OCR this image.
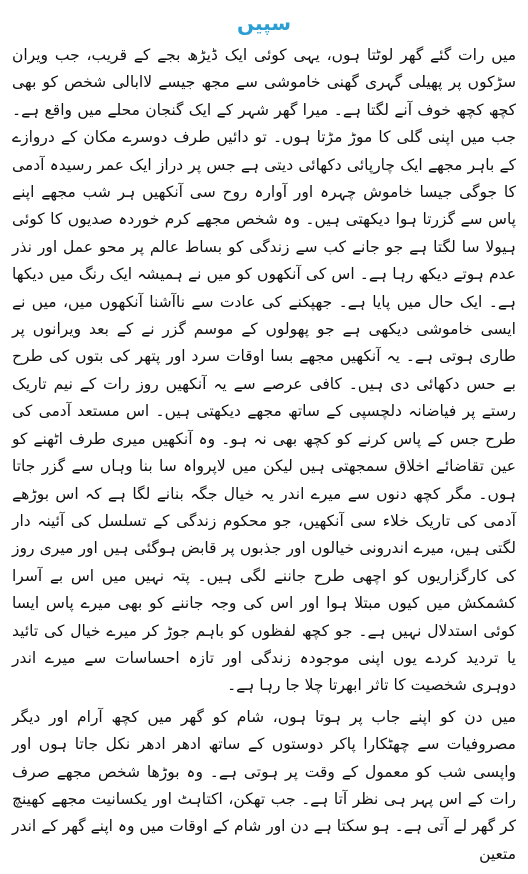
سپیں

میں رات گئے گھر لوٹتا ہوں، یہی کوئی ایک ڈیڑھ بجے کے قریب، جب ویران سڑکوں پر پھیلی گہری گھنی خاموشی سے مجھ جیسے لاابالی شخص کو بھی کچھ کچھ خوف آنے لگتا ہے۔ میرا گھر شہر کے ایک گنجان محلے میں واقع ہے۔ جب میں اپنی گلی کا موڑ مڑتا ہوں۔ تو دائیں طرف دوسرے مکان کے دروازے کے باہر مجھے ایک چارپائی دکھائی دیتی ہے جس پر دراز ایک عمر رسیدہ آدمی کا جوگی جیسا خاموش چہرہ اور آوارہ روح سی آنکھیں ہر شب مجھے اپنے پاس سے گزرتا ہوا دیکھتی ہیں۔ وہ شخص مجھے کرم خوردہ صدیوں کا کوئی ہیولا سا لگتا ہے جو جانے کب سے زندگی کو بساط عالم پر محو عمل اور نذر عدم ہوتے دیکھ رہا ہے۔ اس کی آنکھوں کو میں نے ہمیشہ ایک رنگ میں دیکھا ہے۔ ایک حال میں پایا ہے۔ جھپکنے کی عادت سے ناآشنا آنکھوں میں، میں نے ایسی خاموشی دیکھی ہے جو پھولوں کے موسم گزر نے کے بعد ویرانوں پر طاری ہوتی ہے۔ یہ آنکھیں مجھے بسا اوقات سرد اور پتھر کی بتوں کی طرح بے حس دکھائی دی ہیں۔ کافی عرصے سے یہ آنکھیں روز رات کے نیم تاریک رستے پر فیاضانہ دلچسپی کے ساتھ مجھے دیکھتی ہیں۔ اس مستعد آدمی کی طرح جس کے پاس کرنے کو کچھ بھی نہ ہو۔ وہ آنکھیں میری طرف اٹھنے کو عین تقاضائے اخلاق سمجھتی ہیں لیکن میں لاپرواہ سا بنا وہاں سے گزر جاتا ہوں۔ مگر کچھ دنوں سے میرے اندر یہ خیال جگہ بنانے لگا ہے کہ اس بوڑھے آدمی کی تاریک خلاء سی آنکھیں، جو محکوم زندگی کے تسلسل کی آئینہ دار لگتی ہیں، میرے اندرونی خیالوں اور جذبوں پر قابض ہوگئی ہیں اور میری روز کی کارگزاریوں کو اچھی طرح جاننے لگی ہیں۔ پتہ نہیں میں اس بے آسرا کشمکش میں کیوں مبتلا ہوا اور اس کی وجہ جاننے کو بھی میرے پاس ایسا کوئی استدلال نہیں ہے۔ جو کچھ لفظوں کو باہم جوڑ کر میرے خیال کی تائید یا تردید کردے یوں اپنی موجودہ زندگی اور تازہ احساسات سے میرے اندر دوہری شخصیت کا تاثر ابھرتا چلا جا رہا ہے۔

میں دن کو اپنے جاب پر ہوتا ہوں، شام کو گھر میں کچھ آرام اور دیگر مصروفیات سے چھٹکارا پاکر دوستوں کے ساتھ ادھر ادھر نکل جاتا ہوں اور واپسی شب کو معمول کے وقت پر ہوتی ہے۔ وہ بوڑھا شخص مجھے صرف رات کے اس پہر ہی نظر آتا ہے۔ جب تھکن، اکتاہٹ اور یکسانیت مجھے کھینچ کر گھر لے آتی ہے۔ ہو سکتا ہے دن اور شام کے اوقات میں وہ اپنے گھر کے اندر متعین
